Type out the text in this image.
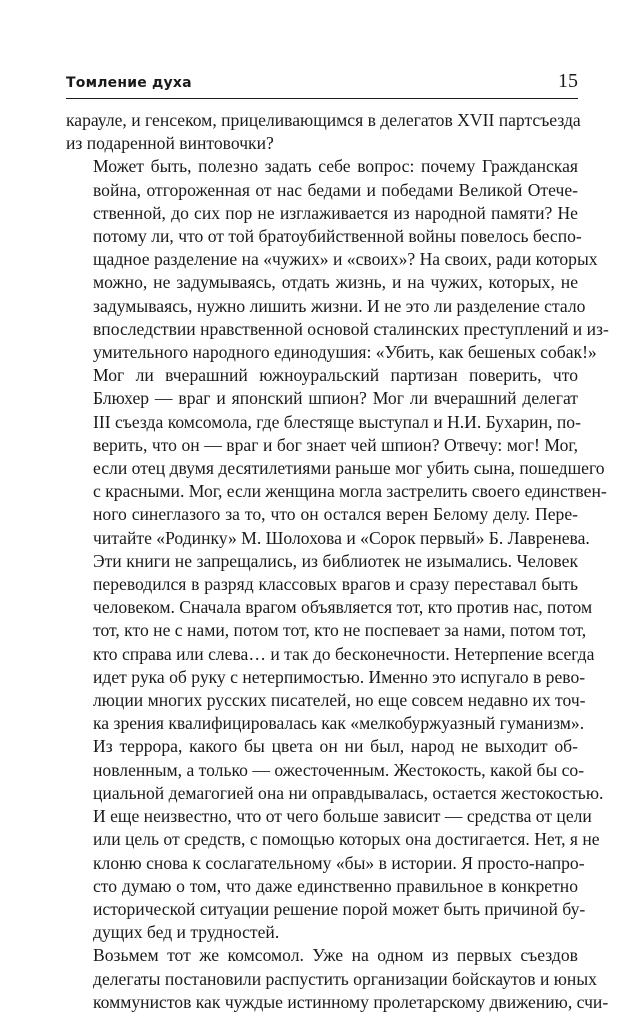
Томление духа	15

карауле, и генсеком, прицеливающимся в делегатов XVII партсъезда
из подаренной винтовочки?

Может быть, полезно задать себе вопрос: почему Гражданская
война, отгороженная от нас бедами и победами Великой Отече-
ственной, до сих пор не изглаживается из народной памяти? Не
потому ли, что от той братоубийственной войны повелось беспо-
щадное разделение на «чужих» и «своих»? На своих, ради которых
можно, не задумываясь, отдать жизнь, и на чужих, которых, не
задумываясь, нужно лишить жизни. И не это ли разделение стало
впоследствии нравственной основой сталинских преступлений и из-
умительного народного единодушия: «Убить, как бешеных собак!»

Мог ли вчерашний южноуральский партизан поверить, что
Блюхер — враг и японский шпион? Мог ли вчерашний делегат
III съезда комсомола, где блестяще выступал и Н.И. Бухарин, по-
верить, что он — враг и бог знает чей шпион? Отвечу: мог! Мог,
если отец двумя десятилетиями раньше мог убить сына, пошедшего
с красными. Мог, если женщина могла застрелить своего единствен-
ного синеглазого за то, что он остался верен Белому делу. Пере-
читайте «Родинку» М. Шолохова и «Сорок первый» Б. Лавренева.
Эти книги не запрещались, из библиотек не изымались. Человек
переводился в разряд классовых врагов и сразу переставал быть
человеком. Сначала врагом объявляется тот, кто против нас, потом
тот, кто не с нами, потом тот, кто не поспевает за нами, потом тот,
кто справа или слева… и так до бесконечности. Нетерпение всегда
идет рука об руку с нетерпимостью. Именно это испугало в рево-
люции многих русских писателей, но еще совсем недавно их точ-
ка зрения квалифицировалась как «мелкобуржуазный гуманизм».

Из террора, какого бы цвета он ни был, народ не выходит об-
новленным, а только — ожесточенным. Жестокость, какой бы со-
циальной демагогией она ни оправдывалась, остается жестокостью.
И еще неизвестно, что от чего больше зависит — средства от цели
или цель от средств, с помощью которых она достигается. Нет, я не
клоню снова к сослагательному «бы» в истории. Я просто-напро-
сто думаю о том, что даже единственно правильное в конкретно
исторической ситуации решение порой может быть причиной бу-
дущих бед и трудностей.

Возьмем тот же комсомол. Уже на одном из первых съездов
делегаты постановили распустить организации бойскаутов и юных
коммунистов как чуждые истинному пролетарскому движению, счи-
